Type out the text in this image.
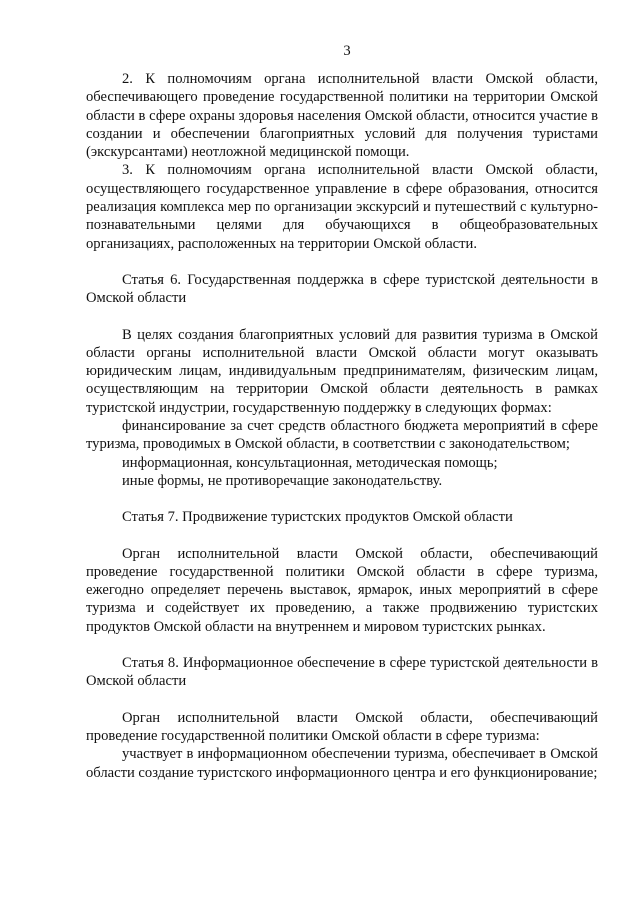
3

2. К полномочиям органа исполнительной власти Омской области, обеспечивающего проведение государственной политики на территории Омской области в сфере охраны здоровья населения Омской области, относится участие в создании и обеспечении благоприятных условий для получения туристами (экскурсантами) неотложной медицинской помощи.

3. К полномочиям органа исполнительной власти Омской области, осуществляющего государственное управление в сфере образования, относится реализация комплекса мер по организации экскурсий и путешествий с культурно-познавательными целями для обучающихся в общеобразовательных организациях, расположенных на территории Омской области.

Статья 6. Государственная поддержка в сфере туристской деятельности в Омской области

В целях создания благоприятных условий для развития туризма в Омской области органы исполнительной власти Омской области могут оказывать юридическим лицам, индивидуальным предпринимателям, физическим лицам, осуществляющим на территории Омской области деятельность в рамках туристской индустрии, государственную поддержку в следующих формах:

финансирование за счет средств областного бюджета мероприятий в сфере туризма, проводимых в Омской области, в соответствии с законодательством;

информационная, консультационная, методическая помощь;

иные формы, не противоречащие законодательству.

Статья 7. Продвижение туристских продуктов Омской области

Орган исполнительной власти Омской области, обеспечивающий проведение государственной политики Омской области в сфере туризма, ежегодно определяет перечень выставок, ярмарок, иных мероприятий в сфере туризма и содействует их проведению, а также продвижению туристских продуктов Омской области на внутреннем и мировом туристских рынках.

Статья 8. Информационное обеспечение в сфере туристской деятельности в Омской области

Орган исполнительной власти Омской области, обеспечивающий проведение государственной политики Омской области в сфере туризма:

участвует в информационном обеспечении туризма, обеспечивает в Омской области создание туристского информационного центра и его функционирование;
